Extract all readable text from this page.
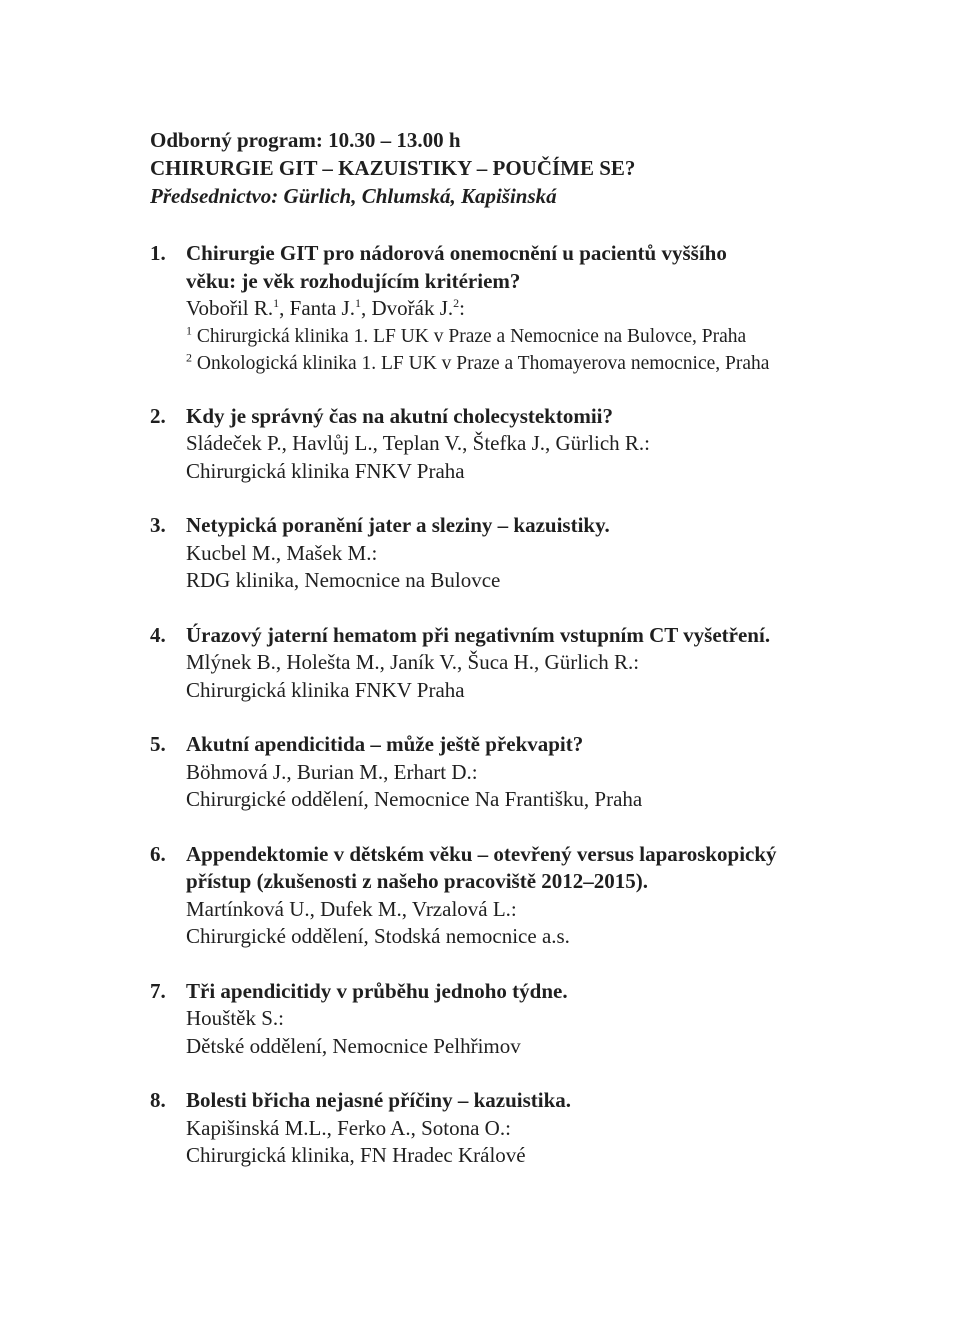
Odborný program: 10.30 – 13.00 h
CHIRURGIE GIT – KAZUISTIKY – POUČÍME SE?
Předsednictvo: Gürlich, Chlumská, Kapišinská
1. Chirurgie GIT pro nádorová onemocnění u pacientů vyššího
věku: je věk rozhodujícím kritériem?
Vobořil R.$^1$, Fanta J.$^1$, Dvořák J.$^2$:
$^1$ Chirurgická klinika 1. LF UK v Praze a Nemocnice na Bulovce, Praha
$^2$ Onkologická klinika 1. LF UK v Praze a Thomayerova nemocnice, Praha
2. Kdy je správný čas na akutní cholecystektomii?
Sládeček P., Havlůj L., Teplan V., Štefka J., Gürlich R.:
Chirurgická klinika FNKV Praha
3. Netypická poranění jater a sleziny – kazuistiky.
Kucbel M., Mašek M.:
RDG klinika, Nemocnice na Bulovce
4. Úrazový jaterní hematom při negativním vstupním CT vyšetření.
Mlýnek B., Holešta M., Janík V., Šuca H., Gürlich R.:
Chirurgická klinika FNKV Praha
5. Akutní apendicitida – může ještě překvapit?
Böhmová J., Burian M., Erhart D.:
Chirurgické oddělení, Nemocnice Na Františku, Praha
6. Appendektomie v dětském věku – otevřený versus laparoskopický
přístup (zkušenosti z našeho pracoviště 2012–2015).
Martínková U., Dufek M., Vrzalová L.:
Chirurgické oddělení, Stodská nemocnice a.s.
7. Tři apendicitidy v průběhu jednoho týdne.
Houštěk S.:
Dětské oddělení, Nemocnice Pelhřimov
8. Bolesti břicha nejasné příčiny – kazuistika.
Kapišinská M.L., Ferko A., Sotona O.:
Chirurgická klinika, FN Hradec Králové
